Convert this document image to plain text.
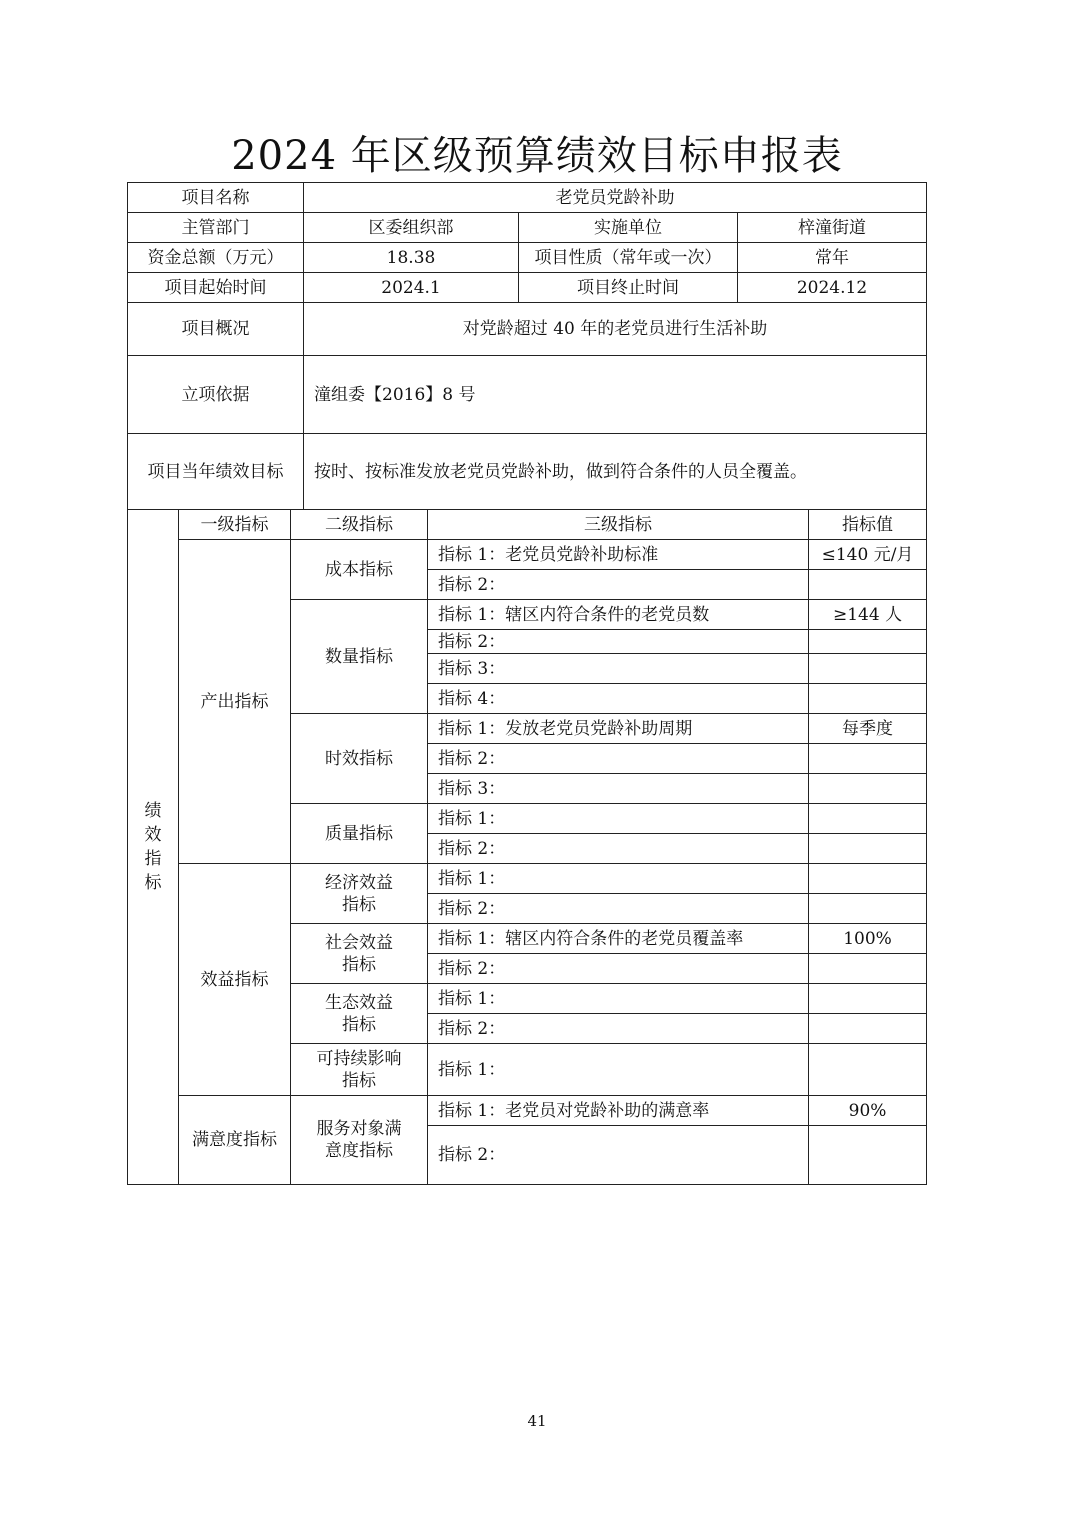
2024 年区级预算绩效目标申报表
项目名称			老党员党龄补助				
主管部门			区委组织部		实施单位	梓潼街道	
资金总额（万元）			18.38		项目性质（常年或一次）	常年	
项目起始时间			2024.1		项目终止时间	2024.12	
项目概况			对党龄超过 40 年的老党员进行生活补助				
立项依据			潼组委【2016】8 号				
项目当年绩效目标			按时、按标准发放老党员党龄补助，做到符合条件的人员全覆盖。				
绩效指标	一级指标	二级指标		三级指标			指标值
	产出指标	成本指标		指标 1：老党员党龄补助标准			≤140 元/月
				指标 2：			
		数量指标		指标 1：辖区内符合条件的老党员数			≥144 人
				指标 2：			
				指标 3：			
				指标 4：			
		时效指标		指标 1：发放老党员党龄补助周期			每季度
				指标 2：			
				指标 3：			
		质量指标		指标 1：			
				指标 2：			
	效益指标	经济效益指标		指标 1：			
				指标 2：			
		社会效益指标		指标 1：辖区内符合条件的老党员覆盖率			100%
				指标 2：			
		生态效益指标		指标 1：			
				指标 2：			
		可持续影响指标		指标 1：			
	满意度指标	服务对象满意度指标		指标 1：老党员对党龄补助的满意率			90%
				指标 2：			
41
